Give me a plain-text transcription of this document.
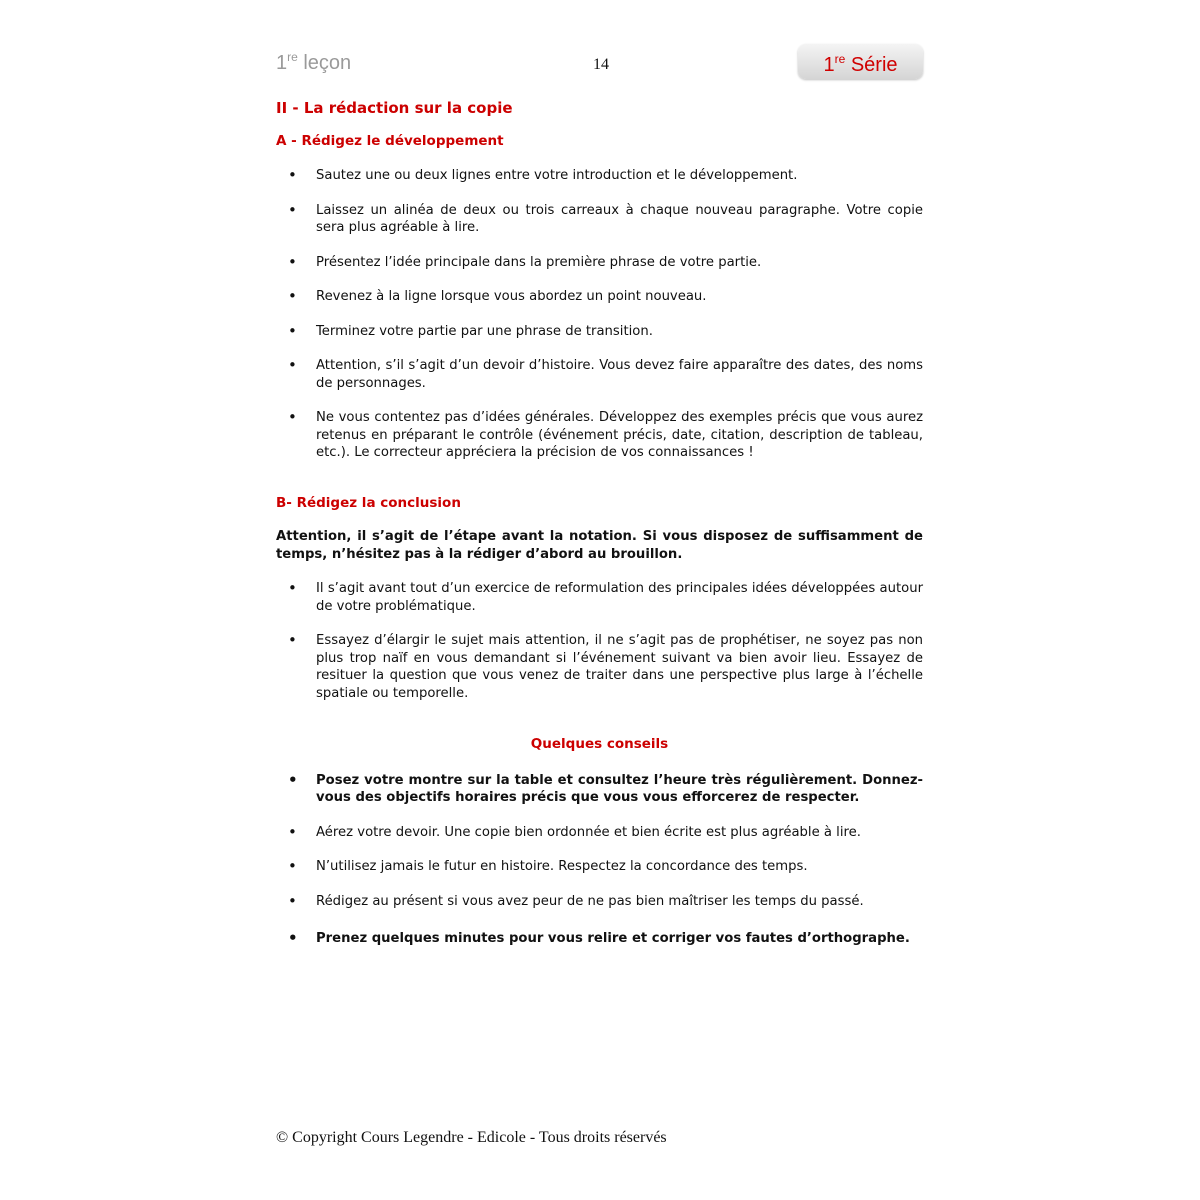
1re leçon	14	1re Série
II - La rédaction sur la copie
A - Rédigez le développement
• Sautez une ou deux lignes entre votre introduction et le développement.
• Laissez un alinéa de deux ou trois carreaux à chaque nouveau paragraphe. Votre copie sera plus agréable à lire.
• Présentez l’idée principale dans la première phrase de votre partie.
• Revenez à la ligne lorsque vous abordez un point nouveau.
• Terminez votre partie par une phrase de transition.
• Attention, s’il s’agit d’un devoir d’histoire. Vous devez faire apparaître des dates, des noms de personnages.
• Ne vous contentez pas d’idées générales. Développez des exemples précis que vous aurez retenus en préparant le contrôle (événement précis, date, citation, description de tableau, etc.). Le correcteur appréciera la précision de vos connaissances !
B- Rédigez la conclusion
Attention, il s’agit de l’étape avant la notation. Si vous disposez de suffisamment de temps, n’hésitez pas à la rédiger d’abord au brouillon.
• Il s’agit avant tout d’un exercice de reformulation des principales idées développées autour de votre problématique.
• Essayez d’élargir le sujet mais attention, il ne s’agit pas de prophétiser, ne soyez pas non plus trop naïf en vous demandant si l’événement suivant va bien avoir lieu. Essayez de resituer la question que vous venez de traiter dans une perspective plus large à l’échelle spatiale ou temporelle.
Quelques conseils
• Posez votre montre sur la table et consultez l’heure très régulièrement. Donnez-vous des objectifs horaires précis que vous vous efforcerez de respecter.
• Aérez votre devoir. Une copie bien ordonnée et bien écrite est plus agréable à lire.
• N’utilisez jamais le futur en histoire. Respectez la concordance des temps.
• Rédigez au présent si vous avez peur de ne pas bien maîtriser les temps du passé.
• Prenez quelques minutes pour vous relire et corriger vos fautes d’orthographe.
© Copyright Cours Legendre - Edicole - Tous droits réservés
